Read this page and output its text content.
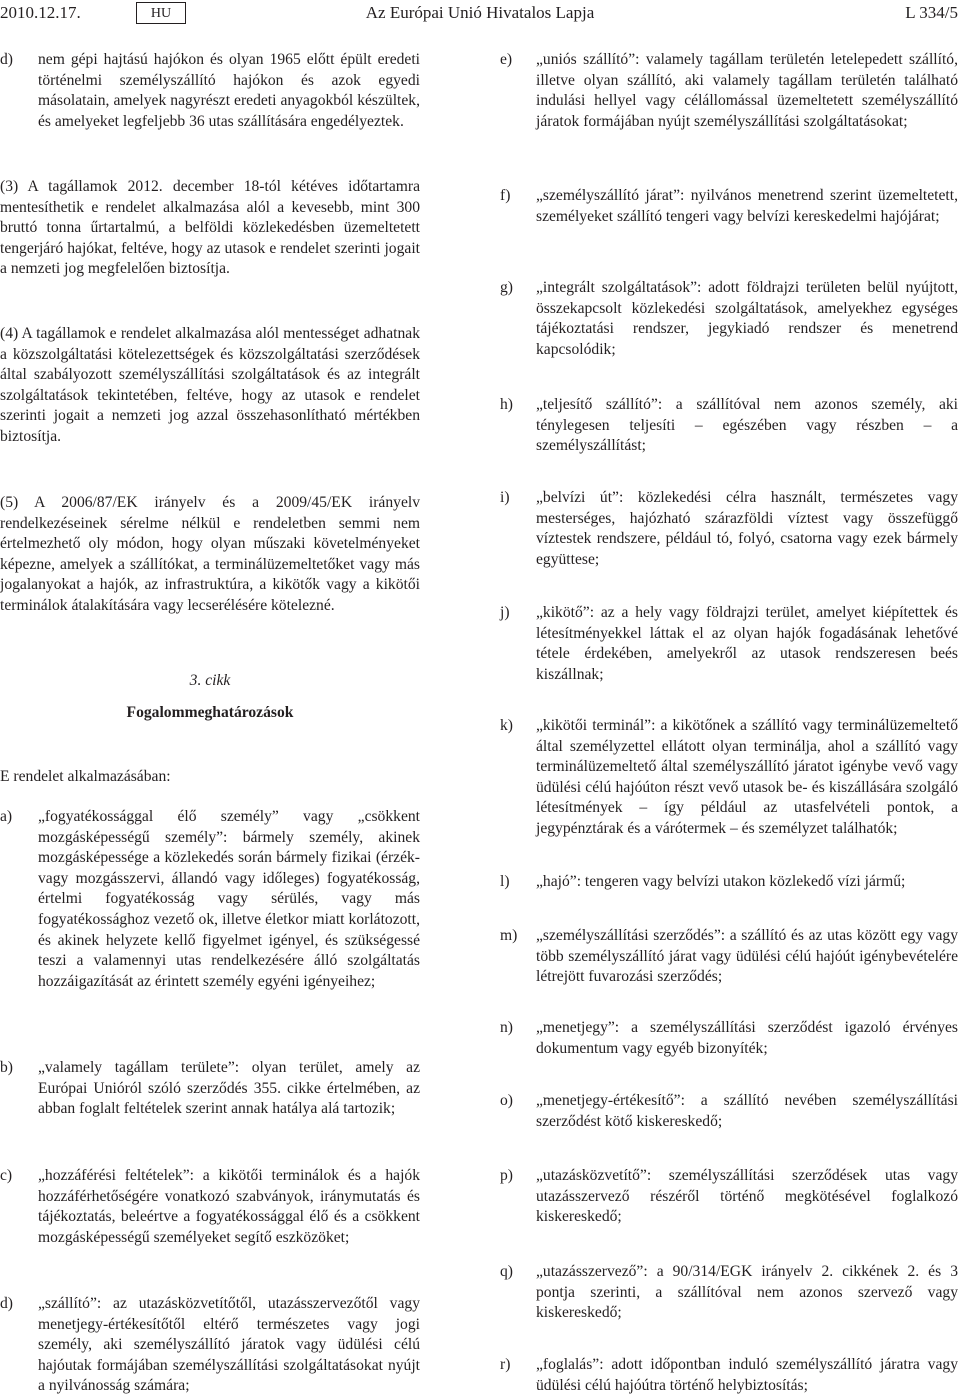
2010.12.17.	HU	Az Európai Unió Hivatalos Lapja	L 334/5
d)	nem gépi hajtású hajókon és olyan 1965 előtt épült eredeti történelmi személyszállító hajókon és azok egyedi másolatain, amelyek nagyrészt eredeti anyagokból készültek, és amelyeket legfeljebb 36 utas szállítására engedélyeztek.
(3) A tagállamok 2012. december 18-tól kétéves időtartamra mentesíthetik e rendelet alkalmazása alól a kevesebb, mint 300 bruttó tonna űrtartalmú, a belföldi közlekedésben üzemeltetett tengerjáró hajókat, feltéve, hogy az utasok e rendelet szerinti jogait a nemzeti jog megfelelően biztosítja.
(4) A tagállamok e rendelet alkalmazása alól mentességet adhatnak a közszolgáltatási kötelezettségek és közszolgáltatási szerződések által szabályozott személyszállítási szolgáltatások és az integrált szolgáltatások tekintetében, feltéve, hogy az utasok e rendelet szerinti jogait a nemzeti jog azzal összehasonlítható mértékben biztosítja.
(5) A 2006/87/EK irányelv és a 2009/45/EK irányelv rendelkezéseinek sérelme nélkül e rendeletben semmi nem értelmezhető oly módon, hogy olyan műszaki követelményeket képezne, amelyek a szállítókat, a terminálüzemeltetőket vagy más jogalanyokat a hajók, az infrastruktúra, a kikötők vagy a kikötői terminálok átalakítására vagy lecserélésére kötelezné.
3. cikk
Fogalommeghatározások
E rendelet alkalmazásában:
a)	„fogyatékossággal élő személy” vagy „csökkent mozgásképességű személy”: bármely személy, akinek mozgásképessége a közlekedés során bármely fizikai (érzék- vagy mozgásszervi, állandó vagy időleges) fogyatékosság, értelmi fogyatékosság vagy sérülés, vagy más fogyatékossághoz vezető ok, illetve életkor miatt korlátozott, és akinek helyzete kellő figyelmet igényel, és szükségessé teszi a valamennyi utas rendelkezésére álló szolgáltatás hozzáigazítását az érintett személy egyéni igényeihez;
b)	„valamely tagállam területe”: olyan terület, amely az Európai Unióról szóló szerződés 355. cikke értelmében, az abban foglalt feltételek szerint annak hatálya alá tartozik;
c)	„hozzáférési feltételek”: a kikötői terminálok és a hajók hozzáférhetőségére vonatkozó szabványok, iránymutatás és tájékoztatás, beleértve a fogyatékossággal élő és a csökkent mozgásképességű személyeket segítő eszközöket;
d)	„szállító”: az utazásközvetítőtől, utazásszervezőtől vagy menetjegy-értékesítőtől eltérő természetes vagy jogi személy, aki személyszállító járatok vagy üdülési célú hajóutak formájában személyszállítási szolgáltatásokat nyújt a nyilvánosság számára;
e)	„uniós szállító”: valamely tagállam területén letelepedett szállító, illetve olyan szállító, aki valamely tagállam területén található indulási hellyel vagy célállomással üzemeltetett személyszállító járatok formájában nyújt személyszállítási szolgáltatásokat;
f)	„személyszállító járat”: nyilvános menetrend szerint üzemeltetett, személyeket szállító tengeri vagy belvízi kereskedelmi hajójárat;
g)	„integrált szolgáltatások”: adott földrajzi területen belül nyújtott, összekapcsolt közlekedési szolgáltatások, amelyekhez egységes tájékoztatási rendszer, jegykiadó rendszer és menetrend kapcsolódik;
h)	„teljesítő szállító”: a szállítóval nem azonos személy, aki ténylegesen teljesíti – egészében vagy részben – a személyszállítást;
i)	„belvízi út”: közlekedési célra használt, természetes vagy mesterséges, hajózható szárazföldi víztest vagy összefüggő víztestek rendszere, például tó, folyó, csatorna vagy ezek bármely együttese;
j)	„kikötő”: az a hely vagy földrajzi terület, amelyet kiépítettek és létesítményekkel láttak el az olyan hajók fogadásának lehetővé tétele érdekében, amelyekről az utasok rendszeresen beés kiszállnak;
k)	„kikötői terminál”: a kikötőnek a szállító vagy terminálüzemeltető által személyzettel ellátott olyan terminálja, ahol a szállító vagy terminálüzemeltető által személyszállító járatot igénybe vevő vagy üdülési célú hajóúton részt vevő utasok be- és kiszállására szolgáló létesítmények – így például az utasfelvételi pontok, a jegypénztárak és a várótermek – és személyzet találhatók;
l)	„hajó”: tengeren vagy belvízi utakon közlekedő vízi jármű;
m)	„személyszállítási szerződés”: a szállító és az utas között egy vagy több személyszállító járat vagy üdülési célú hajóút igénybevételére létrejött fuvarozási szerződés;
n)	„menetjegy”: a személyszállítási szerződést igazoló érvényes dokumentum vagy egyéb bizonyíték;
o)	„menetjegy-értékesítő”: a szállító nevében személyszállítási szerződést kötő kiskereskedő;
p)	„utazásközvetítő”: személyszállítási szerződések utas vagy utazásszervező részéről történő megkötésével foglalkozó kiskereskedő;
q)	„utazásszervező”: a 90/314/EGK irányelv 2. cikkének 2. és 3 pontja szerinti, a szállítóval nem azonos szervező vagy kiskereskedő;
r)	„foglalás”: adott időpontban induló személyszállító járatra vagy üdülési célú hajóútra történő helybiztosítás;
